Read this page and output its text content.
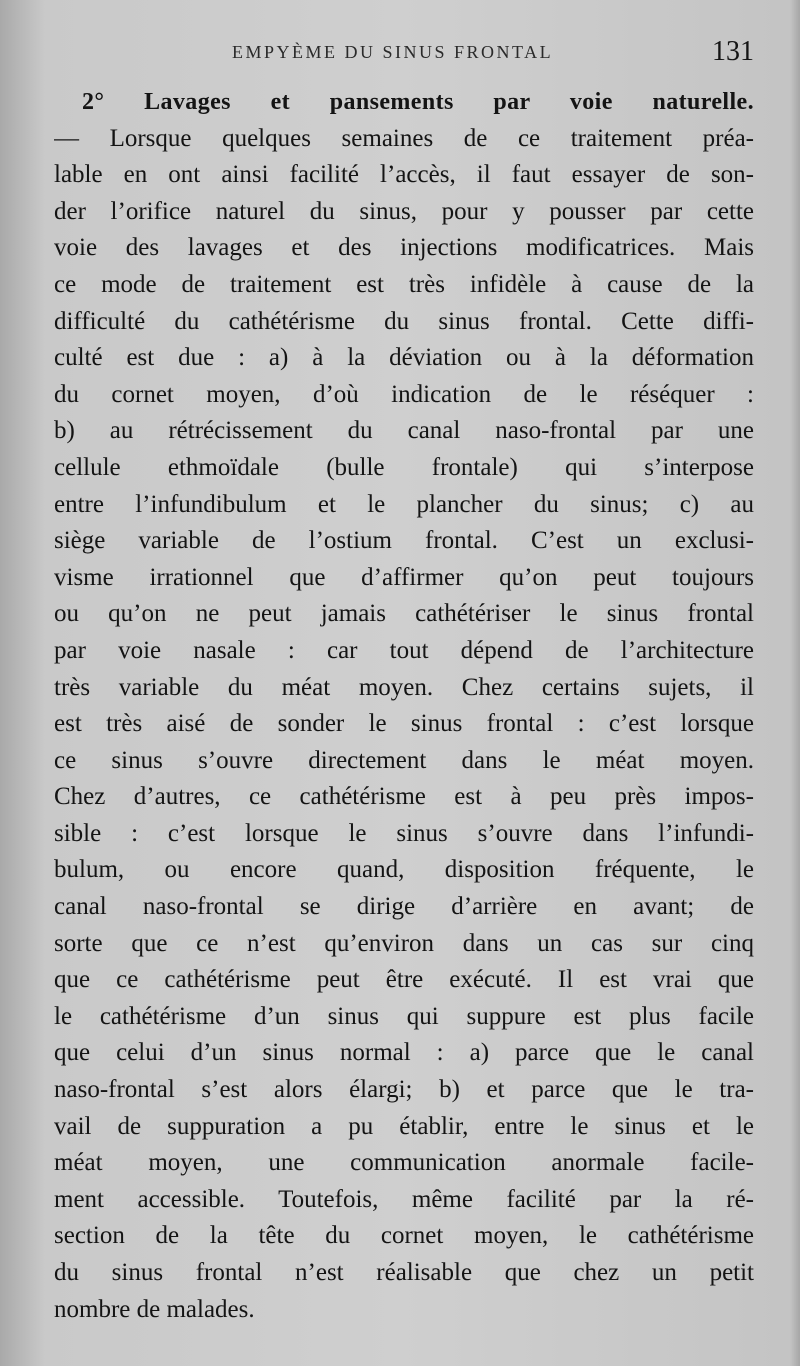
EMPYÈME DU SINUS FRONTAL	131
2° Lavages et pansements par voie naturelle.
— Lorsque quelques semaines de ce traitement préa-
lable en ont ainsi facilité l’accès, il faut essayer de son-
der l’orifice naturel du sinus, pour y pousser par cette
voie des lavages et des injections modificatrices. Mais
ce mode de traitement est très infidèle à cause de la
difficulté du cathétérisme du sinus frontal. Cette diffi-
culté est due : a) à la déviation ou à la déformation
du cornet moyen, d’où indication de le réséquer :
b) au rétrécissement du canal naso-frontal par une
cellule ethmoïdale (bulle frontale) qui s’interpose
entre l’infundibulum et le plancher du sinus; c) au
siège variable de l’ostium frontal. C’est un exclusi-
visme irrationnel que d’affirmer qu’on peut toujours
ou qu’on ne peut jamais cathétériser le sinus frontal
par voie nasale : car tout dépend de l’architecture
très variable du méat moyen. Chez certains sujets, il
est très aisé de sonder le sinus frontal : c’est lorsque
ce sinus s’ouvre directement dans le méat moyen.
Chez d’autres, ce cathétérisme est à peu près impos-
sible : c’est lorsque le sinus s’ouvre dans l’infundi-
bulum, ou encore quand, disposition fréquente, le
canal naso-frontal se dirige d’arrière en avant; de
sorte que ce n’est qu’environ dans un cas sur cinq
que ce cathétérisme peut être exécuté. Il est vrai que
le cathétérisme d’un sinus qui suppure est plus facile
que celui d’un sinus normal : a) parce que le canal
naso-frontal s’est alors élargi; b) et parce que le tra-
vail de suppuration a pu établir, entre le sinus et le
méat moyen, une communication anormale facile-
ment accessible. Toutefois, même facilité par la ré-
section de la tête du cornet moyen, le cathétérisme
du sinus frontal n’est réalisable que chez un petit
nombre de malades.
